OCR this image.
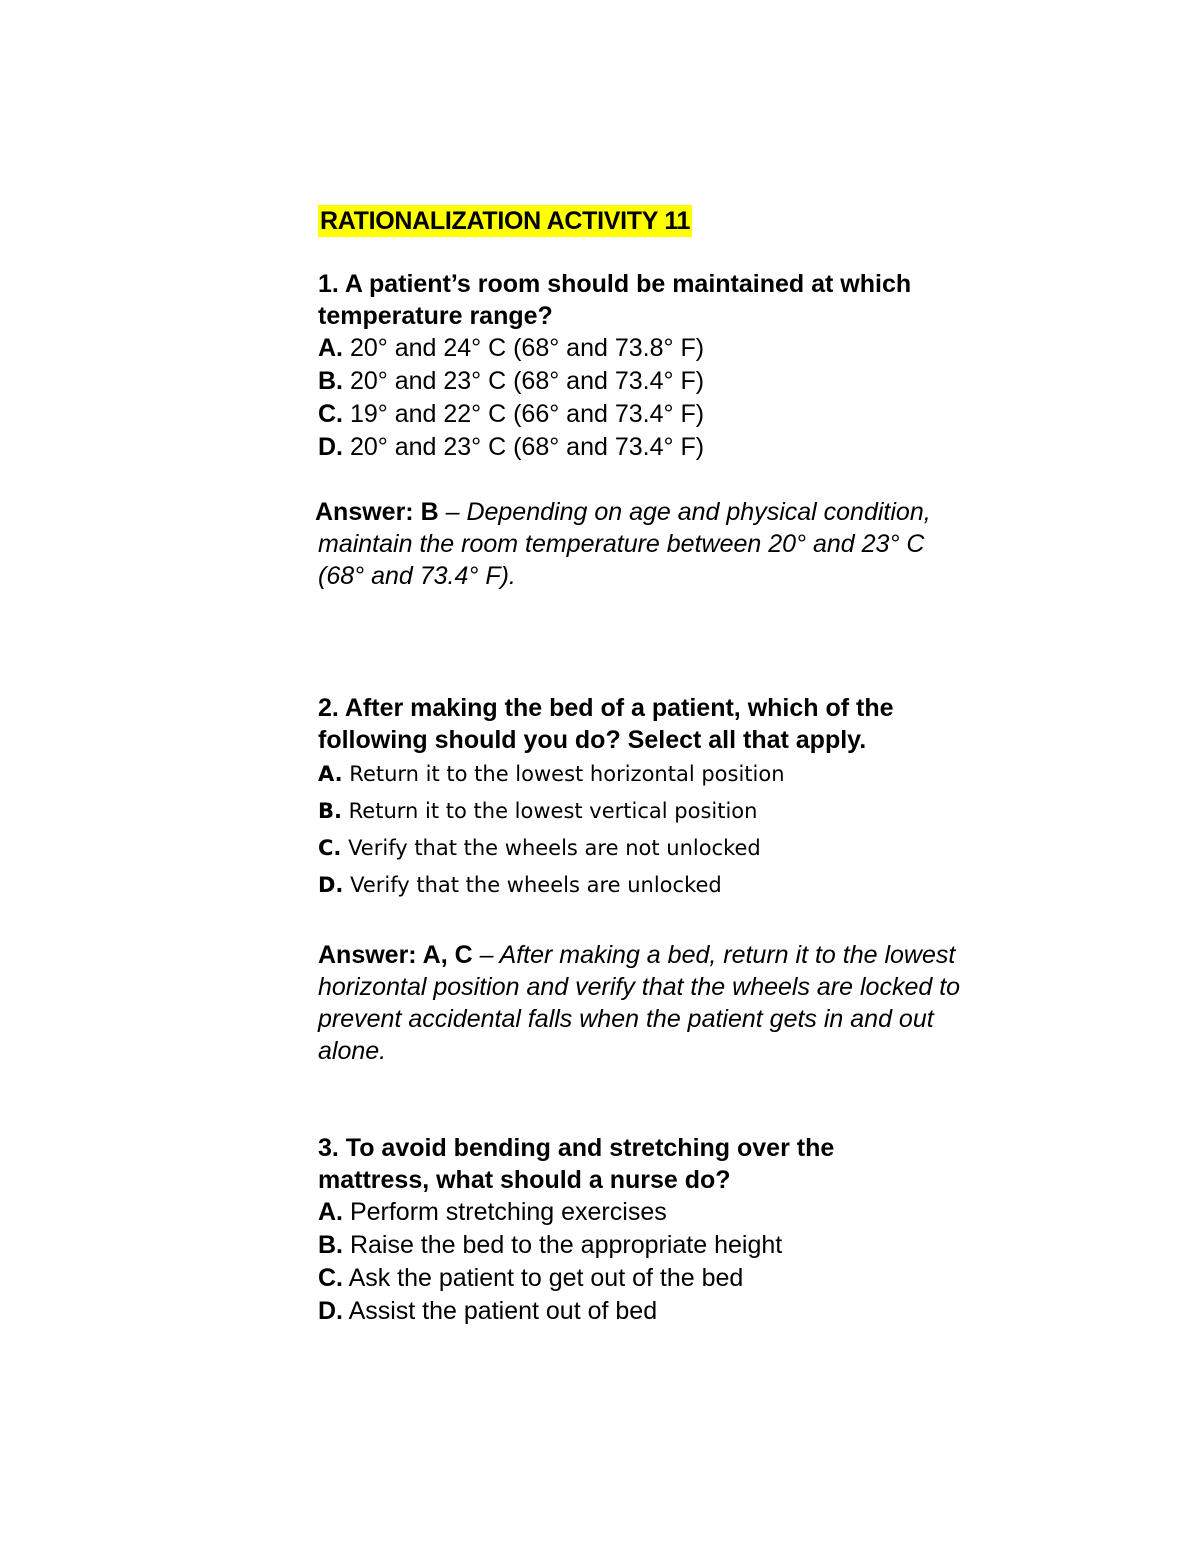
RATIONALIZATION ACTIVITY 11
1. A patient’s room should be maintained at which
temperature range?
A. 20° and 24° C (68° and 73.8° F)
B. 20° and 23° C (68° and 73.4° F)
C. 19° and 22° C (66° and 73.4° F)
D. 20° and 23° C (68° and 73.4° F)
Answer: B – Depending on age and physical condition,
maintain the room temperature between 20° and 23° C
(68° and 73.4° F).
2. After making the bed of a patient, which of the
following should you do? Select all that apply.
A. Return it to the lowest horizontal position
B. Return it to the lowest vertical position
C. Verify that the wheels are not unlocked
D. Verify that the wheels are unlocked
Answer: A, C – After making a bed, return it to the lowest
horizontal position and verify that the wheels are locked to
prevent accidental falls when the patient gets in and out
alone.
3. To avoid bending and stretching over the
mattress, what should a nurse do?
A. Perform stretching exercises
B. Raise the bed to the appropriate height
C. Ask the patient to get out of the bed
D. Assist the patient out of bed
